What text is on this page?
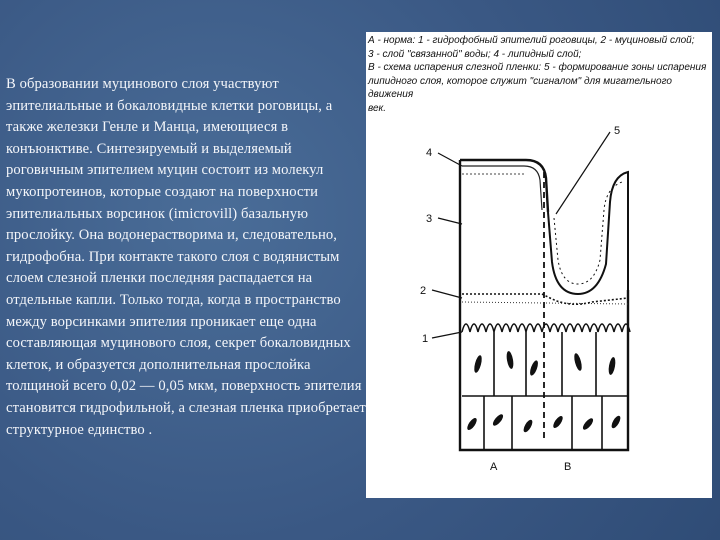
В образовании муцинового слоя участвуют эпителиальные и бокаловидные клетки роговицы, а также железки Генле и Манца, имеющиеся в конъюнктиве. Синтезируемый и выделяемый роговичным эпителием муцин состоит из молекул мукопротеинов, которые создают на поверхности эпителиальных ворсинок (imicrovill) базальную прослойку. Она водонерастворима и, следовательно, гидрофобна. При контакте такого слоя с водянистым слоем слезной пленки последняя распадается на отдельные капли. Только тогда, когда в пространство между ворсинками эпителия проникает еще одна составляющая муцинового слоя, секрет бокаловидных клеток, и образуется дополнительная прослойка толщиной всего 0,02 — 0,05 мкм, поверхность эпителия становится гидрофильной, а слезная пленка приобретает структурное единство .

А - норма: 1 - гидрофобный эпителий роговицы, 2 - муциновый слой;
3 - слой "связанной" воды; 4 - липидный слой;
В - схема испарения слезной пленки: 5 - формирование зоны испарения
липидного слоя, которое служит "сигналом" для мигательного движения
век.
4
3
2
1
5
А	В
